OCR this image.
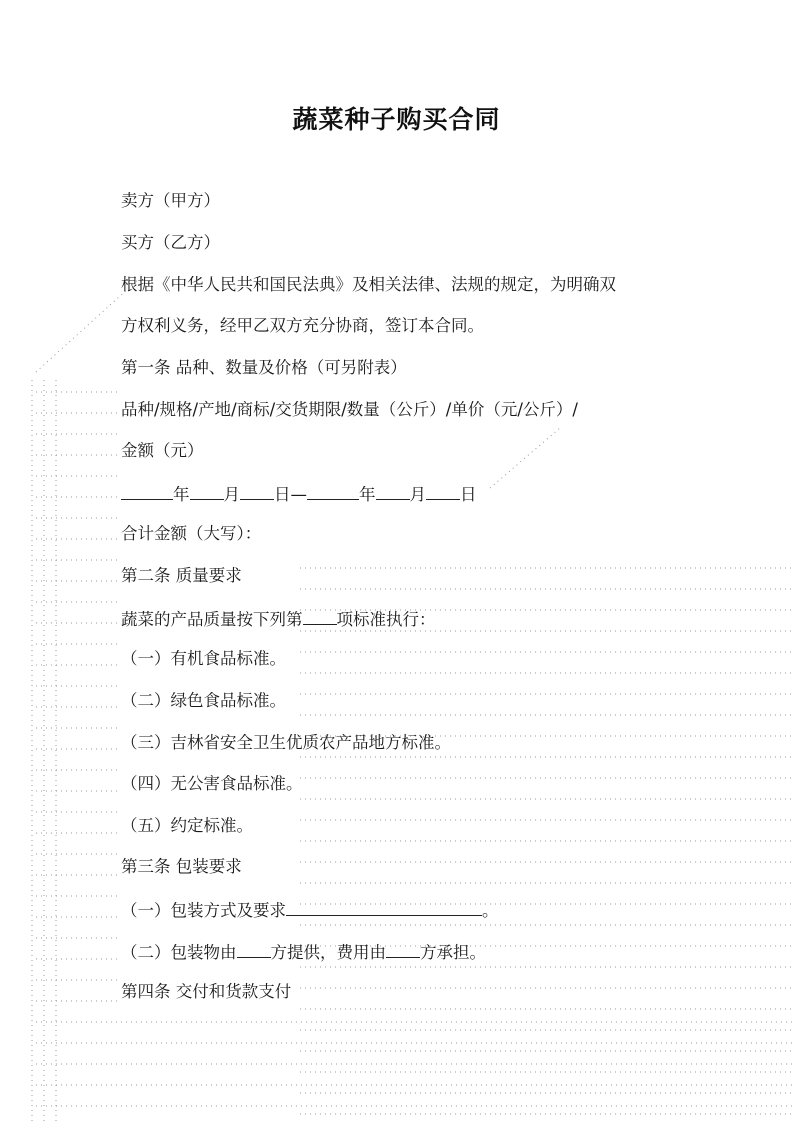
蔬菜种子购买合同
卖方（甲方）
买方（乙方）
根据《中华人民共和国民法典》及相关法律、法规的规定，为明确双
方权利义务，经甲乙双方充分协商，签订本合同。
第一条 品种、数量及价格（可另附表）
品种/规格/产地/商标/交货期限/数量（公斤）/单价（元/公斤）/
金额（元）
年 月 日—	年 月 日
合计金额（大写）：
第二条 质量要求
蔬菜的产品质量按下列第 项标准执行：
（一）有机食品标准。
（二）绿色食品标准。
（三）吉林省安全卫生优质农产品地方标准。
（四）无公害食品标准。
（五）约定标准。
第三条 包装要求
（一）包装方式及要求	。
（二）包装物由 方提供，费用由 方承担。
第四条 交付和货款支付
